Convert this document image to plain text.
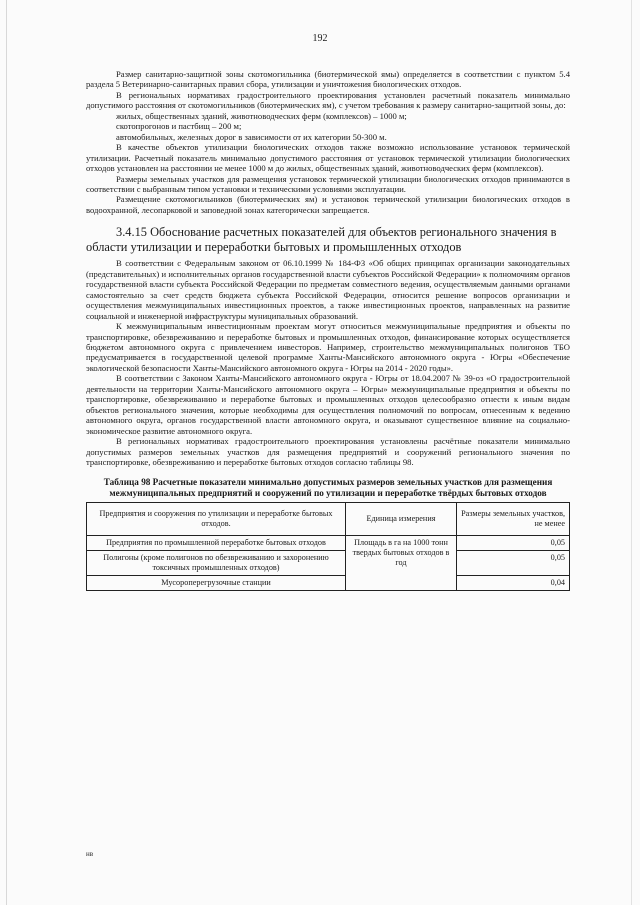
192

Размер санитарно-защитной зоны скотомогильника (биотермической ямы) определяется в соответствии с пунктом 5.4 раздела 5 Ветеринарно-санитарных правил сбора, утилизации и уничтожения биологических отходов.

В региональных нормативах градостроительного проектирования установлен расчетный показатель минимально допустимого расстояния от скотомогильников (биотермических ям), с учетом требования к размеру санитарно-защитной зоны, до:

жилых, общественных зданий, животноводческих ферм (комплексов) – 1000 м;

скотопрогонов и пастбищ – 200 м;

автомобильных, железных дорог в зависимости от их категории 50-300 м.

В качестве объектов утилизации биологических отходов также возможно использование установок термической утилизации. Расчетный показатель минимально допустимого расстояния от установок термической утилизации биологических отходов установлен на расстоянии не менее 1000 м до жилых, общественных зданий, животноводческих ферм (комплексов).

Размеры земельных участков для размещения установок термической утилизации биологических отходов принимаются в соответствии с выбранным типом установки и техническими условиями эксплуатации.

Размещение скотомогильников (биотермических ям) и установок термической утилизации биологических отходов в водоохранной, лесопарковой и заповедной зонах категорически запрещается.

3.4.15 Обоснование расчетных показателей для объектов регионального значения в области утилизации и переработки бытовых и промышленных отходов

В соответствии с Федеральным законом от 06.10.1999 № 184-ФЗ «Об общих принципах организации законодательных (представительных) и исполнительных органов государственной власти субъектов Российской Федерации» к полномочиям органов государственной власти субъекта Российской Федерации по предметам совместного ведения, осуществляемым данными органами самостоятельно за счет средств бюджета субъекта Российской Федерации, относится решение вопросов организации и осуществления межмуниципальных инвестиционных проектов, а также инвестиционных проектов, направленных на развитие социальной и инженерной инфраструктуры муниципальных образований.

К межмуниципальным инвестиционным проектам могут относиться межмуниципальные предприятия и объекты по транспортировке, обезвреживанию и переработке бытовых и промышленных отходов, финансирование которых осуществляется бюджетом автономного округа с привлечением инвесторов. Например, строительство межмуниципальных полигонов ТБО предусматривается в государственной целевой программе Ханты-Мансийского автономного округа - Югры «Обеспечение экологической безопасности Ханты-Мансийского автономного округа - Югры на 2014 - 2020 годы».

В соответствии с Законом Ханты-Мансийского автономного округа - Югры от 18.04.2007 № 39-оз «О градостроительной деятельности на территории Ханты-Мансийского автономного округа – Югры» межмуниципальные предприятия и объекты по транспортировке, обезвреживанию и переработке бытовых и промышленных отходов целесообразно отнести к иным видам объектов регионального значения, которые необходимы для осуществления полномочий по вопросам, отнесенным к ведению автономного округа, органов государственной власти автономного округа, и оказывают существенное влияние на социально-экономическое развитие автономного округа.

В региональных нормативах градостроительного проектирования установлены расчётные показатели минимально допустимых размеров земельных участков для размещения предприятий и сооружений регионального значения по транспортировке, обезвреживанию и переработке бытовых отходов согласно таблицы 98.

Таблица 98 Расчетные показатели минимально допустимых размеров земельных участков для размещения межмуниципальных предприятий и сооружений по утилизации и переработке твёрдых бытовых отходов
Предприятия и сооружения по утилизации и переработке бытовых отходов.	Единица измерения	Размеры земельных участков, не менее
Предприятия по промышленной переработке бытовых отходов	Площадь в га на 1000 тонн твердых бытовых отходов в год	0,05
Полигоны (кроме полигонов по обезвреживанию и захоронению токсичных промышленных отходов)		0,05
Мусороперегрузочные станции		0,04
нв
